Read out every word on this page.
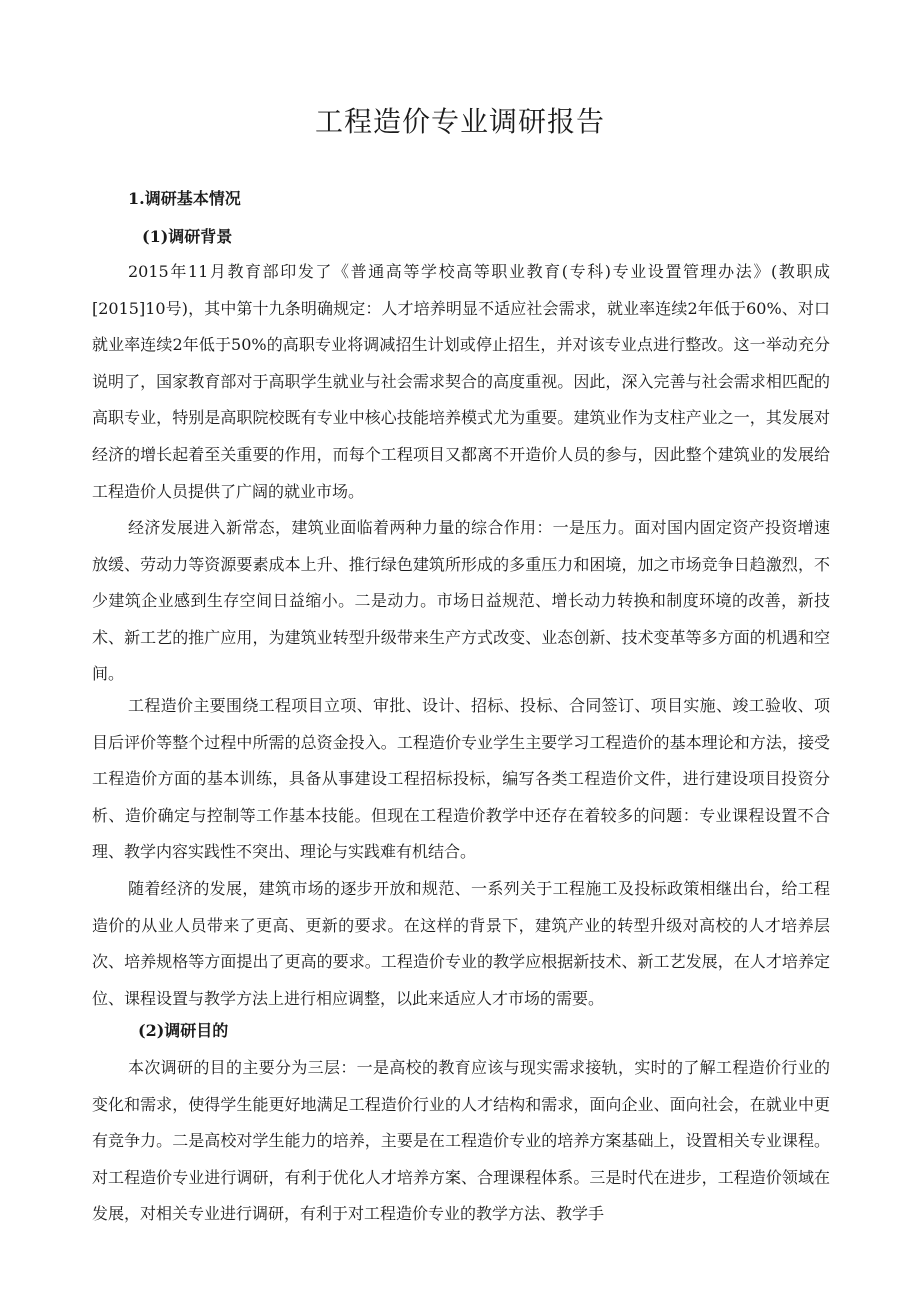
工程造价专业调研报告
1.调研基本情况
(1)调研背景

2015年11月教育部印发了《普通高等学校高等职业教育(专科)专业设置管理办法》(教职成[2015]10号)，其中第十九条明确规定：人才培养明显不适应社会需求，就业率连续2年低于60%、对口就业率连续2年低于50%的高职专业将调减招生计划或停止招生，并对该专业点进行整改。这一举动充分说明了，国家教育部对于高职学生就业与社会需求契合的高度重视。因此，深入完善与社会需求相匹配的高职专业，特别是高职院校既有专业中核心技能培养模式尤为重要。建筑业作为支柱产业之一，其发展对经济的增长起着至关重要的作用，而每个工程项目又都离不开造价人员的参与，因此整个建筑业的发展给工程造价人员提供了广阔的就业市场。

经济发展进入新常态，建筑业面临着两种力量的综合作用：一是压力。面对国内固定资产投资增速放缓、劳动力等资源要素成本上升、推行绿色建筑所形成的多重压力和困境，加之市场竞争日趋激烈，不少建筑企业感到生存空间日益缩小。二是动力。市场日益规范、增长动力转换和制度环境的改善，新技术、新工艺的推广应用，为建筑业转型升级带来生产方式改变、业态创新、技术变革等多方面的机遇和空间。

工程造价主要围绕工程项目立项、审批、设计、招标、投标、合同签订、项目实施、竣工验收、项目后评价等整个过程中所需的总资金投入。工程造价专业学生主要学习工程造价的基本理论和方法，接受工程造价方面的基本训练，具备从事建设工程招标投标，编写各类工程造价文件，进行建设项目投资分析、造价确定与控制等工作基本技能。但现在工程造价教学中还存在着较多的问题：专业课程设置不合理、教学内容实践性不突出、理论与实践难有机结合。

随着经济的发展，建筑市场的逐步开放和规范、一系列关于工程施工及投标政策相继出台，给工程造价的从业人员带来了更高、更新的要求。在这样的背景下，建筑产业的转型升级对高校的人才培养层次、培养规格等方面提出了更高的要求。工程造价专业的教学应根据新技术、新工艺发展，在人才培养定位、课程设置与教学方法上进行相应调整，以此来适应人才市场的需要。

(2)调研目的

本次调研的目的主要分为三层：一是高校的教育应该与现实需求接轨，实时的了解工程造价行业的变化和需求，使得学生能更好地满足工程造价行业的人才结构和需求，面向企业、面向社会，在就业中更有竞争力。二是高校对学生能力的培养，主要是在工程造价专业的培养方案基础上，设置相关专业课程。对工程造价专业进行调研，有利于优化人才培养方案、合理课程体系。三是时代在进步，工程造价领域在发展，对相关专业进行调研，有利于对工程造价专业的教学方法、教学手
